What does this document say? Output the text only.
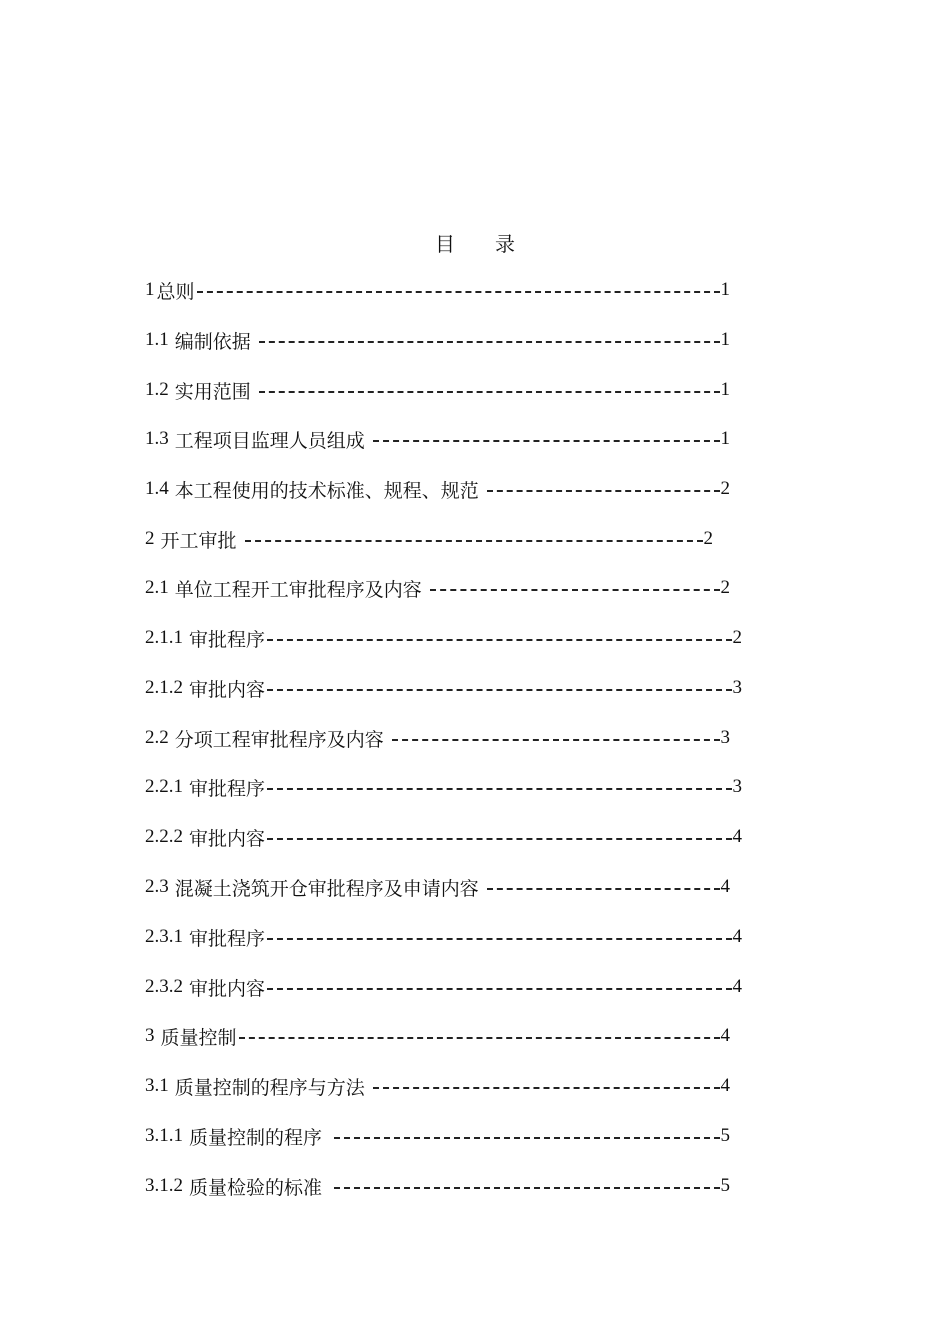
目 录
1 总则	1
1.1 编制依据	1
1.2 实用范围	1
1.3 工程项目监理人员组成	1
1.4 本工程使用的技术标准、规程、规范	2
2 开工审批	2
2.1 单位工程开工审批程序及内容	2
2.1.1 审批程序	2
2.1.2 审批内容	3
2.2 分项工程审批程序及内容	3
2.2.1 审批程序	3
2.2.2 审批内容	4
2.3 混凝土浇筑开仓审批程序及申请内容	4
2.3.1 审批程序	4
2.3.2 审批内容	4
3 质量控制	4
3.1 质量控制的程序与方法	4
3.1.1 质量控制的程序	5
3.1.2 质量检验的标准	5
